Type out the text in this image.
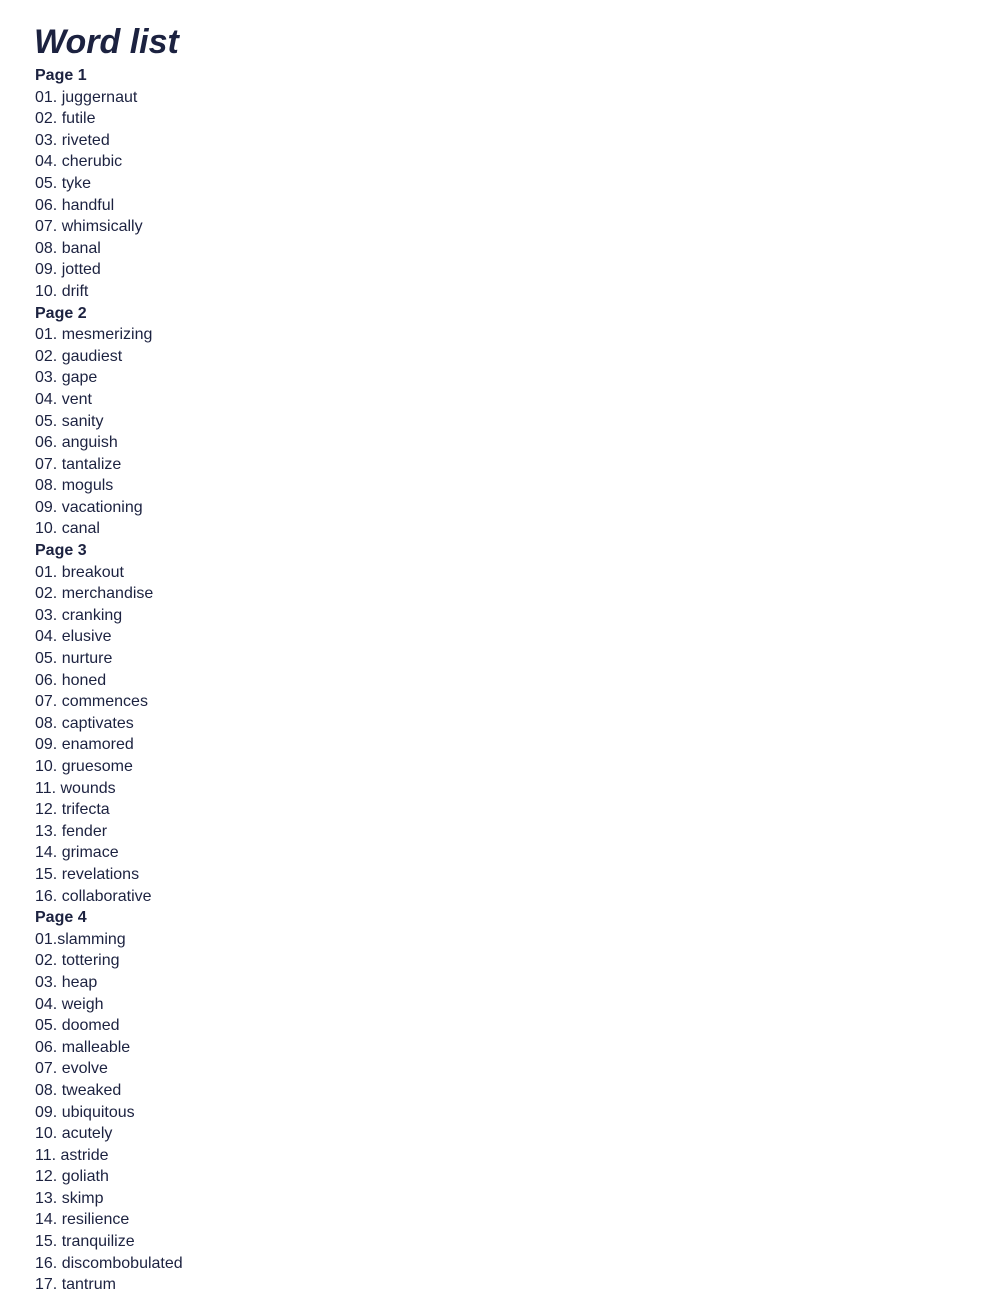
Word list
Page 1
01. juggernaut
02. futile
03. riveted
04. cherubic
05. tyke
06. handful
07. whimsically
08. banal
09. jotted
10. drift
Page 2
01. mesmerizing
02. gaudiest
03. gape
04. vent
05. sanity
06. anguish
07. tantalize
08. moguls
09. vacationing
10. canal
Page 3
01. breakout
02. merchandise
03. cranking
04. elusive
05. nurture
06. honed
07. commences
08. captivates
09. enamored
10. gruesome
11. wounds
12. trifecta
13. fender
14. grimace
15. revelations
16. collaborative
Page 4
01.slamming
02. tottering
03. heap
04. weigh
05. doomed
06. malleable
07. evolve
08. tweaked
09. ubiquitous
10. acutely
11. astride
12. goliath
13. skimp
14. resilience
15. tranquilize
16. discombobulated
17. tantrum
